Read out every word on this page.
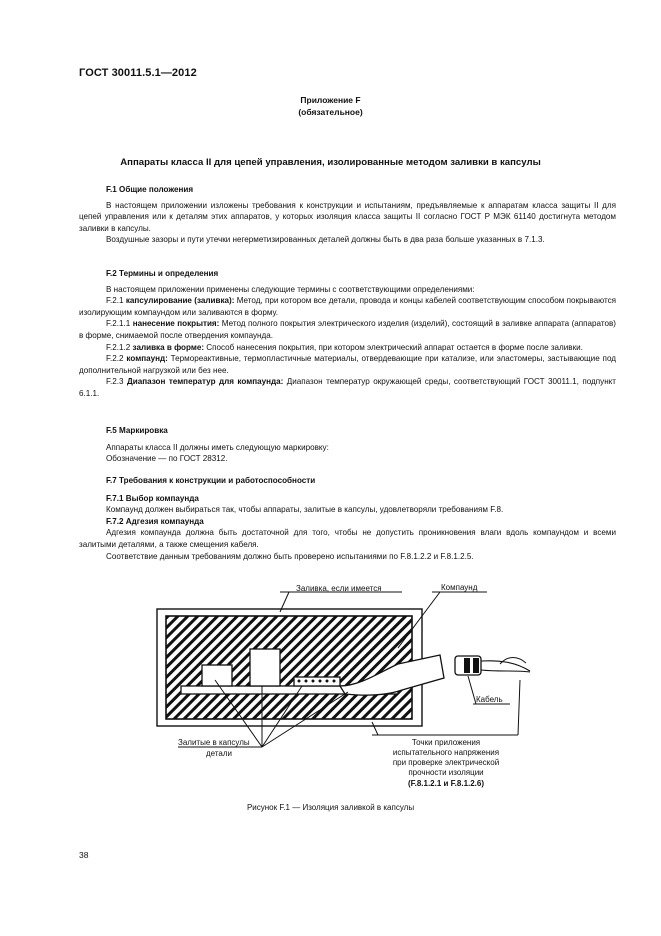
ГОСТ 30011.5.1—2012
Приложение F
(обязательное)
Аппараты класса II для цепей управления, изолированные методом заливки в капсулы

F.1 Общие положения

В настоящем приложении изложены требования к конструкции и испытаниям, предъявляемые к аппаратам класса защиты II для цепей управления или к деталям этих аппаратов, у которых изоляция класса защиты II согласно ГОСТ Р МЭК 61140 достигнута методом заливки в капсулы.

Воздушные зазоры и пути утечки негерметизированных деталей должны быть в два раза больше указанных в 7.1.3.

F.2 Термины и определения

В настоящем приложении применены следующие термины с соответствующими определениями:

F.2.1 капсулирование (заливка): Метод, при котором все детали, провода и концы кабелей соответствующим способом покрываются изолирующим компаундом или заливаются в форму.

F.2.1.1 нанесение покрытия: Метод полного покрытия электрического изделия (изделий), состоящий в заливке аппарата (аппаратов) в форме, снимаемой после отвердения компаунда.

F.2.1.2 заливка в форме: Способ нанесения покрытия, при котором электрический аппарат остается в форме после заливки.

F.2.2 компаунд: Термореактивные, термопластичные материалы, отвердевающие при катализе, или эластомеры, застывающие под дополнительной нагрузкой или без нее.

F.2.3 Диапазон температур для компаунда: Диапазон температур окружающей среды, соответствующий ГОСТ 30011.1, подпункт 6.1.1.

F.5 Маркировка

Аппараты класса II должны иметь следующую маркировку:

Обозначение — по ГОСТ 28312.

F.7 Требования к конструкции и работоспособности

F.7.1 Выбор компаунда

Компаунд должен выбираться так, чтобы аппараты, залитые в капсулы, удовлетворяли требованиям F.8.

F.7.2 Адгезия компаунда

Адгезия компаунда должна быть достаточной для того, чтобы не допустить проникновения влаги вдоль компаундом и всеми залитыми деталями, а также смещения кабеля.

Соответствие данным требованиям должно быть проверено испытаниями по F.8.1.2.2 и F.8.1.2.5.

Заливка, если имеется	Компаунд
Кабель
Залитые в капсулы
детали
Точки приложения
испытательного напряжения
при проверке электрической
прочности изоляции
(F.8.1.2.1 и F.8.1.2.6)
Рисунок F.1 — Изоляция заливкой в капсулы
38
